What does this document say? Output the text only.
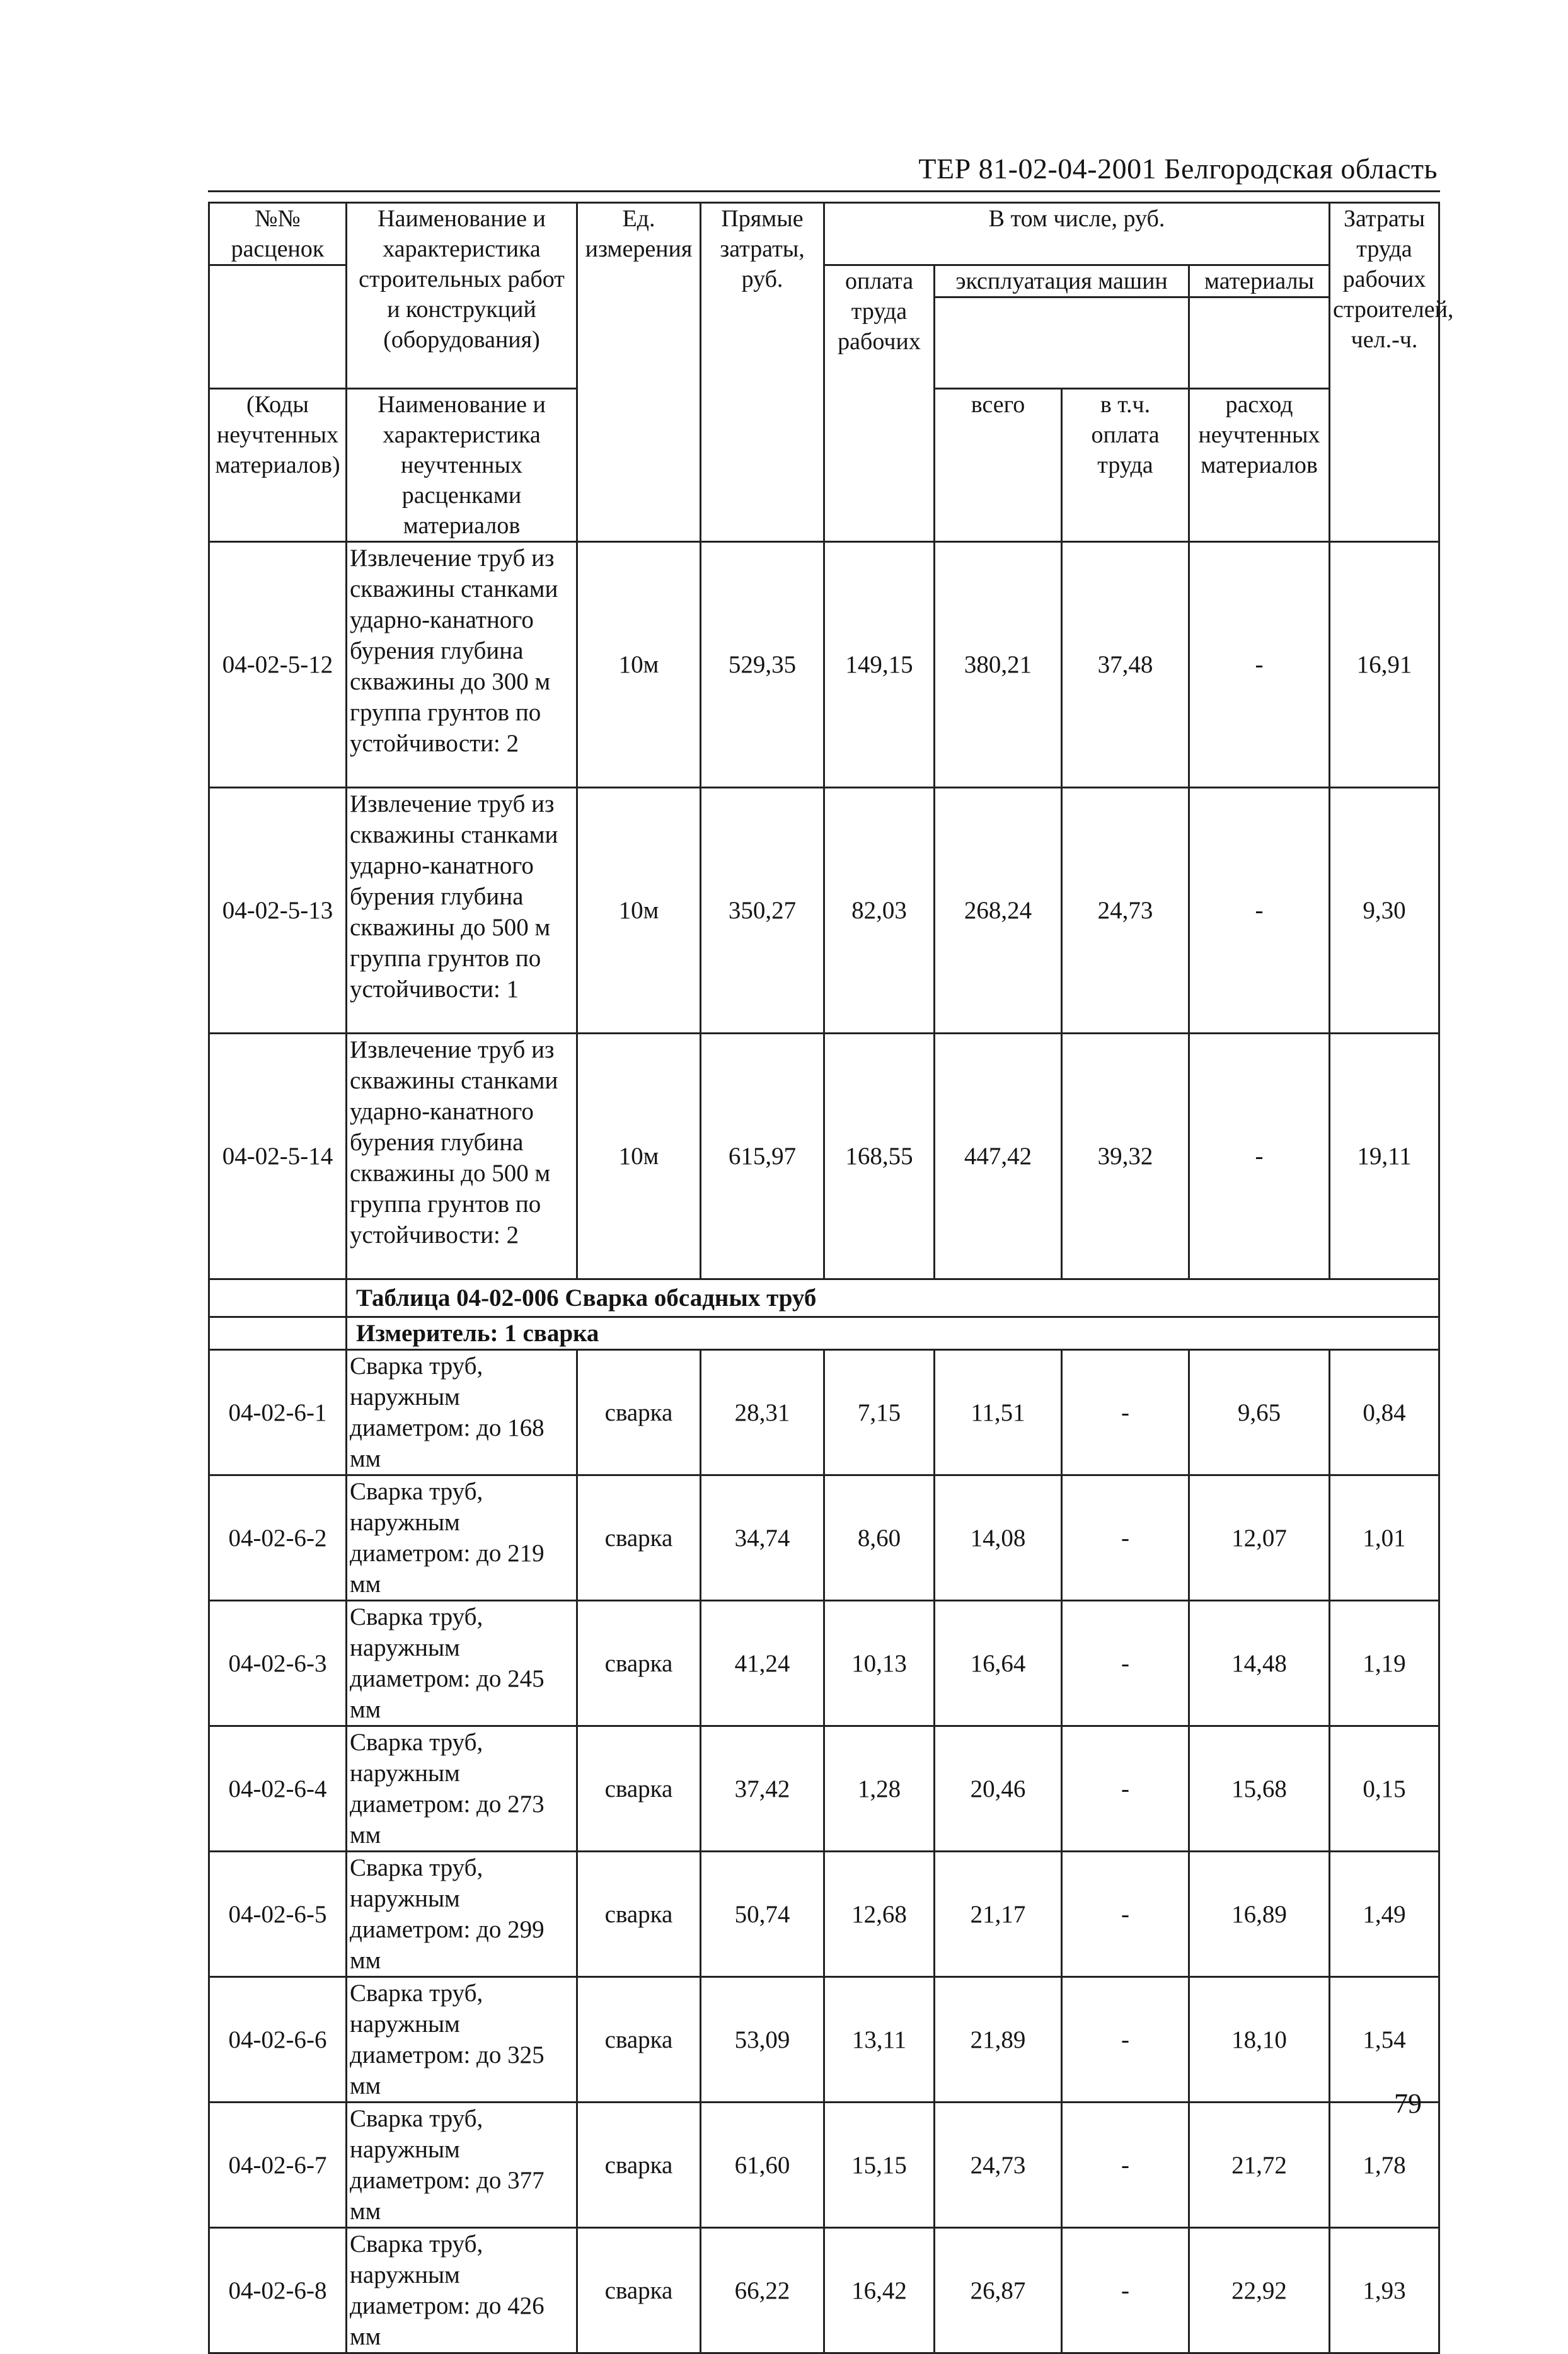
ТЕР 81-02-04-2001 Белгородская область
№№ расценок	Наименование и характеристика строительных работ и конструкций (оборудования)	Ед. измерения	Прямые затраты, руб.	В том числе, руб.				Затраты труда рабочих строителей, чел.-ч.
				оплата труда рабочих	эксплуатация машин		материалы	

(Коды неучтенных материалов)	Наименование и характеристика неучтенных расценками материалов				всего	в т.ч. оплата труда	расход неучтенных материалов	
04-02-5-12	Извлечение труб из скважины станками ударно-канатного бурения глубина скважины до 300 м группа грунтов по устойчивости: 2	10м	529,35	149,15	380,21	37,48	-	16,91
04-02-5-13	Извлечение труб из скважины станками ударно-канатного бурения глубина скважины до 500 м группа грунтов по устойчивости: 1	10м	350,27	82,03	268,24	24,73	-	9,30
04-02-5-14	Извлечение труб из скважины станками ударно-канатного бурения глубина скважины до 500 м группа грунтов по устойчивости: 2	10м	615,97	168,55	447,42	39,32	-	19,11
	Таблица 04-02-006 Сварка обсадных труб							
	Измеритель: 1 сварка							
04-02-6-1	Сварка труб, наружным диаметром: до 168 мм	сварка	28,31	7,15	11,51	-	9,65	0,84
04-02-6-2	Сварка труб, наружным диаметром: до 219 мм	сварка	34,74	8,60	14,08	-	12,07	1,01
04-02-6-3	Сварка труб, наружным диаметром: до 245 мм	сварка	41,24	10,13	16,64	-	14,48	1,19
04-02-6-4	Сварка труб, наружным диаметром: до 273 мм	сварка	37,42	1,28	20,46	-	15,68	0,15
04-02-6-5	Сварка труб, наружным диаметром: до 299 мм	сварка	50,74	12,68	21,17	-	16,89	1,49
04-02-6-6	Сварка труб, наружным диаметром: до 325 мм	сварка	53,09	13,11	21,89	-	18,10	1,54
04-02-6-7	Сварка труб, наружным диаметром: до 377 мм	сварка	61,60	15,15	24,73	-	21,72	1,78
04-02-6-8	Сварка труб, наружным диаметром: до 426 мм	сварка	66,22	16,42	26,87	-	22,92	1,93
79
